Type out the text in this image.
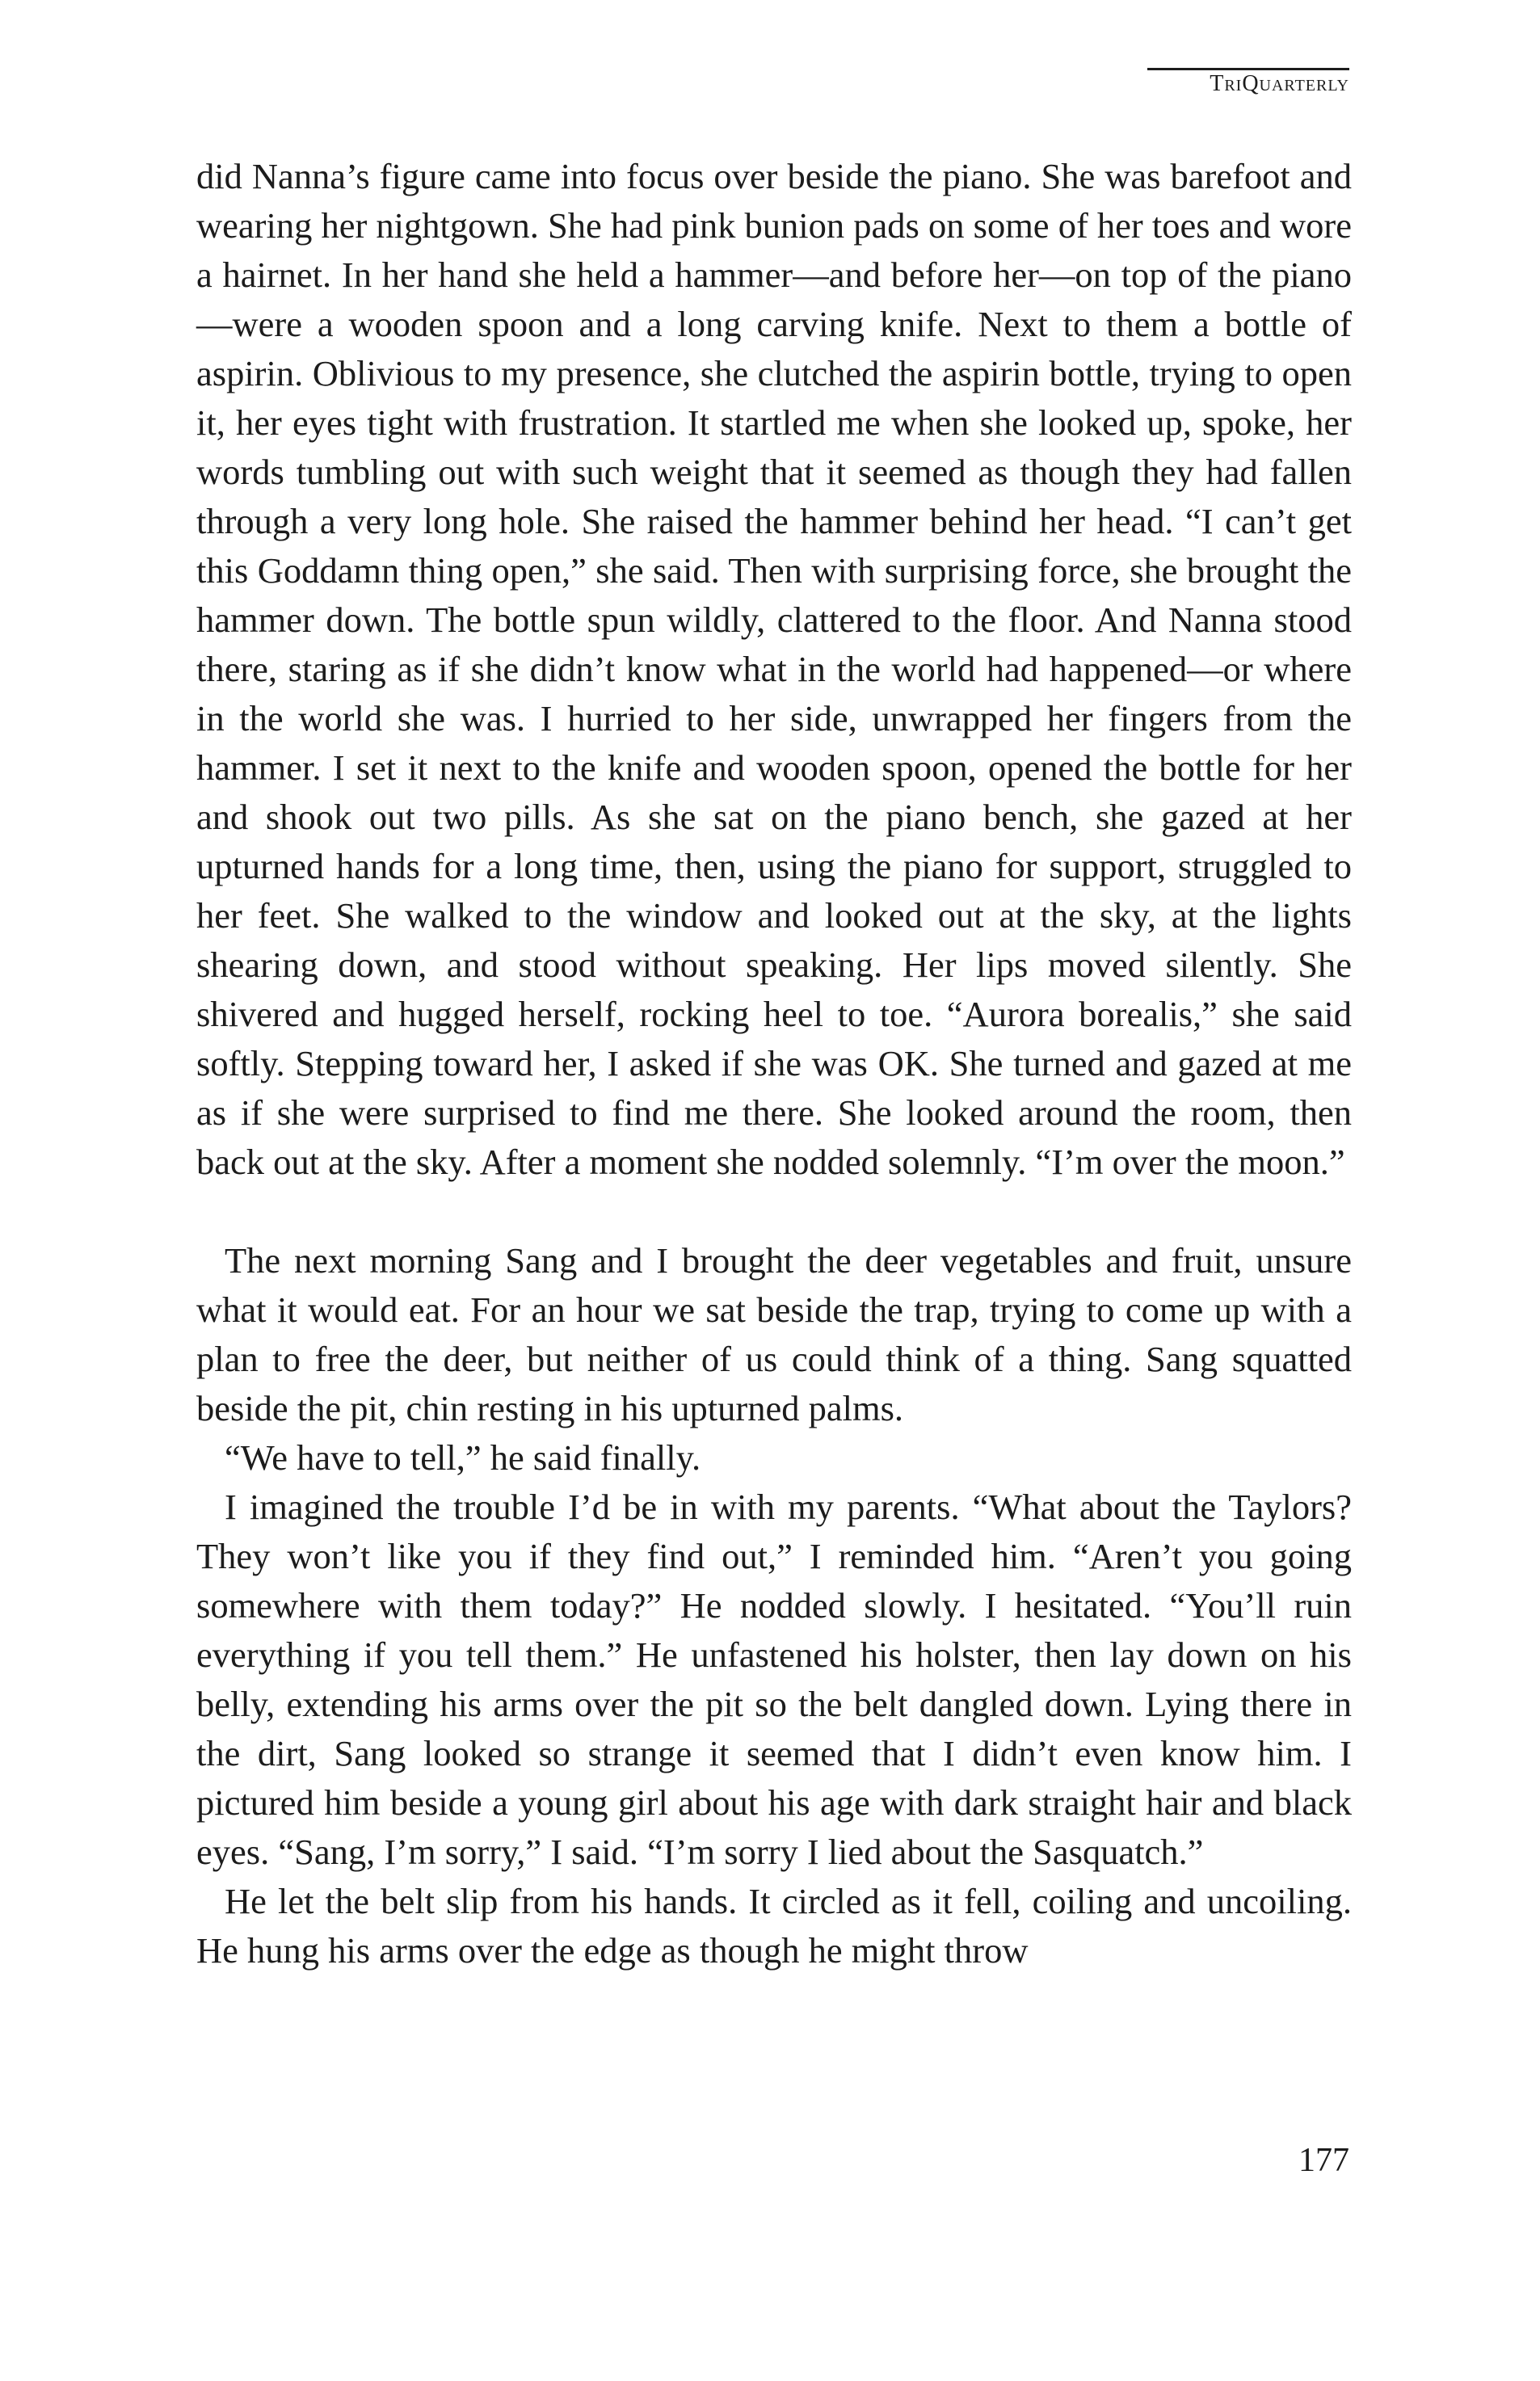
TriQuarterly

did Nanna’s figure came into focus over beside the piano. She was barefoot and wearing her nightgown. She had pink bunion pads on some of her toes and wore a hairnet. In her hand she held a hammer—and before her—on top of the piano—were a wooden spoon and a long carving knife. Next to them a bottle of aspirin. Oblivious to my presence, she clutched the aspirin bottle, trying to open it, her eyes tight with frustration. It startled me when she looked up, spoke, her words tumbling out with such weight that it seemed as though they had fallen through a very long hole. She raised the hammer behind her head. “I can’t get this Goddamn thing open,” she said. Then with surprising force, she brought the hammer down. The bottle spun wildly, clattered to the floor. And Nanna stood there, staring as if she didn’t know what in the world had happened—or where in the world she was. I hurried to her side, unwrapped her fingers from the hammer. I set it next to the knife and wooden spoon, opened the bottle for her and shook out two pills. As she sat on the piano bench, she gazed at her upturned hands for a long time, then, using the piano for support, struggled to her feet. She walked to the window and looked out at the sky, at the lights shearing down, and stood without speaking. Her lips moved silently. She shivered and hugged herself, rocking heel to toe. “Aurora borealis,” she said softly. Stepping toward her, I asked if she was OK. She turned and gazed at me as if she were surprised to find me there. She looked around the room, then back out at the sky. After a moment she nodded solemnly. “I’m over the moon.”

The next morning Sang and I brought the deer vegetables and fruit, unsure what it would eat. For an hour we sat beside the trap, trying to come up with a plan to free the deer, but neither of us could think of a thing. Sang squatted beside the pit, chin resting in his upturned palms.

“We have to tell,” he said finally.

I imagined the trouble I’d be in with my parents. “What about the Taylors? They won’t like you if they find out,” I reminded him. “Aren’t you going somewhere with them today?” He nodded slowly. I hesitated. “You’ll ruin everything if you tell them.” He unfastened his holster, then lay down on his belly, extending his arms over the pit so the belt dangled down. Lying there in the dirt, Sang looked so strange it seemed that I didn’t even know him. I pictured him beside a young girl about his age with dark straight hair and black eyes. “Sang, I’m sorry,” I said. “I’m sorry I lied about the Sasquatch.”

He let the belt slip from his hands. It circled as it fell, coiling and uncoiling. He hung his arms over the edge as though he might throw

177
